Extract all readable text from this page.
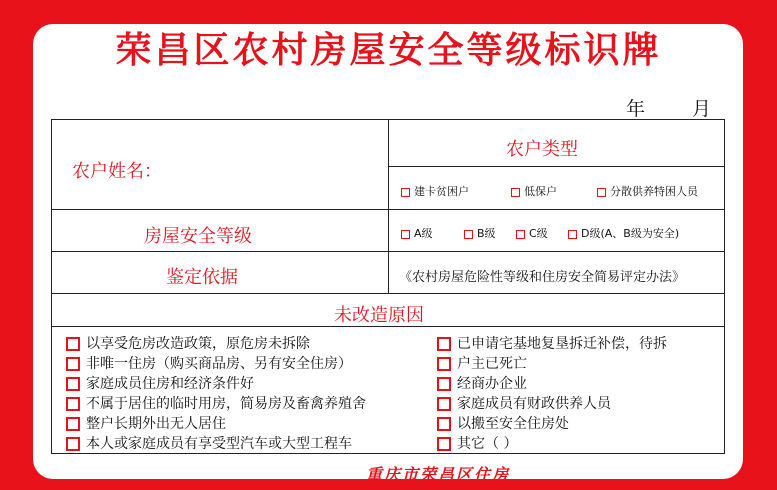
荣昌区农村房屋安全等级标识牌
年 月
农户姓名：
农户类型
建卡贫困户	低保户	分散供养特困人员
房屋安全等级	A级	B级	C级	D级(A、B级为安全)
鉴定依据	《农村房屋危险性等级和住房安全简易评定办法》
未改造原因
以享受危房改造政策，原危房未拆除
非唯一住房（购买商品房、另有安全住房）
家庭成员住房和经济条件好
不属于居住的临时用房，简易房及畜禽养殖舍
整户长期外出无人居住
本人或家庭成员有享受型汽车或大型工程车
已申请宅基地复垦拆迁补偿，待拆
户主已死亡
经商办企业
家庭成员有财政供养人员
以搬至安全住房处
其它（ ）
重庆市荣昌区住房
